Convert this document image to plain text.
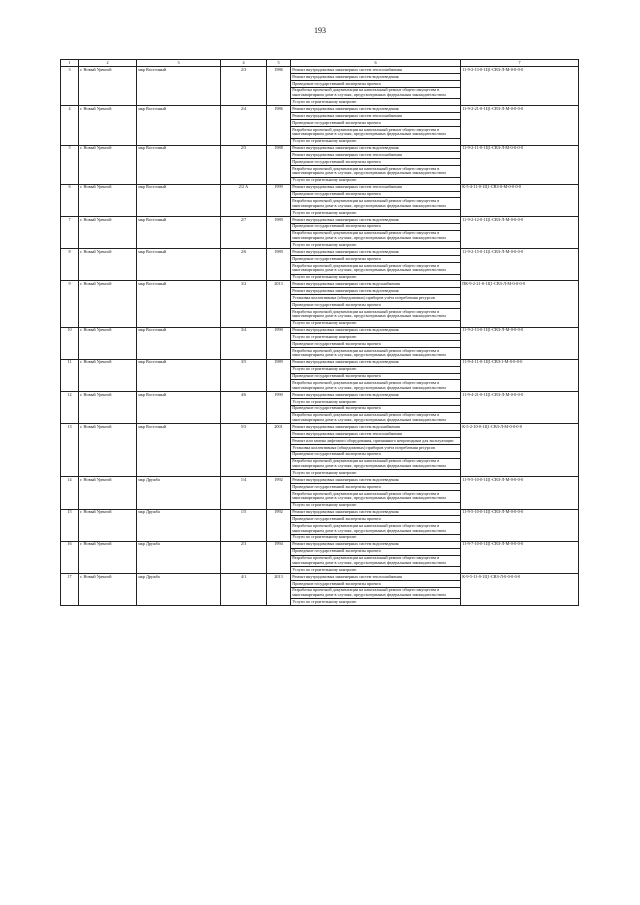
193
1	2	3	4	5	6	7
3	г. Новый Уренгой	мкр Восточный	2/3	1986	Ремонт внутридомовых инженерных систем теплоснабжения	11-9-2-13-0-1Ц1-СВЗ-Л-М-0-0-0-0
					Ремонт внутридомовых инженерных систем водоотведения	
					Проведение государственной экспертизы проекта	
					Разработка проектной документации на капитальный ремонт общего имущества в многоквартирном доме в случаях, предусмотренных федеральным законодательством	
					Услуги по строительному контролю	
4	г. Новый Уренгой	мкр Восточный	2/4	1986	Ремонт внутридомовых инженерных систем водоотведения	11-9-2-21-0-1Ц1-СВЗ-Л-М-0-0-0-0
					Ремонт внутридомовых инженерных систем теплоснабжения	
					Проведение государственной экспертизы проекта	
					Разработка проектной документации на капитальный ремонт общего имущества в многоквартирном доме в случаях, предусмотренных федеральным законодательством	
					Услуги по строительному контролю	
5	г. Новый Уренгой	мкр Восточный	2/5	1988	Ремонт внутридомовых инженерных систем водоотведения	11-9-2-11-0-1Ц1-СВЗ-Л-М-0-0-0-0
					Ремонт внутридомовых инженерных систем теплоснабжения	
					Проведение государственной экспертизы проекта	
					Разработка проектной документации на капитальный ремонт общего имущества в многоквартирном доме в случаях, предусмотренных федеральным законодательством	
					Услуги по строительному контролю	
6	г. Новый Уренгой	мкр Восточный	2/2 А	1999	Ремонт внутридомовых инженерных систем теплоснабжения	К-5-4-11-0-1Ц1-СВЗ-0-М-0-0-0-0
					Проведение государственной экспертизы проекта	
					Разработка проектной документации на капитальный ремонт общего имущества в многоквартирном доме в случаях, предусмотренных федеральным законодательством	
					Услуги по строительному контролю	
7	г. Новый Уренгой	мкр Восточный	2/7	1989	Ремонт внутридомовых инженерных систем водоотведения	11-9-2-12-0-1Ц1-СВЗ-Л-М-0-0-0-0
					Проведение государственной экспертизы проекта	
					Разработка проектной документации на капитальный ремонт общего имущества в многоквартирном доме в случаях, предусмотренных федеральным законодательством	
					Услуги по строительному контролю	
8	г. Новый Уренгой	мкр Восточный	2/6	1989	Ремонт внутридомовых инженерных систем водоотведения	11-9-2-15-0-1Ц1-СВЗ-Л-М-0-0-0-0
					Проведение государственной экспертизы проекта	
					Разработка проектной документации на капитальный ремонт общего имущества в многоквартирном доме в случаях, предусмотренных федеральным законодательством	
					Услуги по строительному контролю	
9	г. Новый Уренгой	мкр Восточный	3/2	2013	Ремонт внутридомовых инженерных систем водоснабжения	ПК-9-2-21-0-1Ц1-СВЗ-Л-М-0-0-0-0
					Ремонт внутридомовых инженерных систем водоотведения	
					Установка коллективных (общедомовых) приборов учёта потребления ресурсов	
					Проведение государственной экспертизы проекта	
					Разработка проектной документации на капитальный ремонт общего имущества в многоквартирном доме в случаях, предусмотренных федеральным законодательством	
					Услуги по строительному контролю	
10	г. Новый Уренгой	мкр Восточный	3/4	1990	Ремонт внутридомовых инженерных систем водоотведения	11-9-2-13-0-1Ц1-СВЗ-Л-М-0-0-0-0
					Услуги по строительному контролю	
					Проведение государственной экспертизы проекта	
					Разработка проектной документации на капитальный ремонт общего имущества в многоквартирном доме в случаях, предусмотренных федеральным законодательством	
11	г. Новый Уренгой	мкр Восточный	3/5	1989	Ремонт внутридомовых инженерных систем водоотведения	11-9-4-11-0-1Ц1-СВЗ-1-М-0-0-0-0
					Услуги по строительному контролю	
					Проведение государственной экспертизы проекта	
					Разработка проектной документации на капитальный ремонт общего имущества в многоквартирном доме в случаях, предусмотренных федеральным законодательством	
12	г. Новый Уренгой	мкр Восточный	4/6	1990	Ремонт внутридомовых инженерных систем водоотведения	11-9-4-21-0-1Ц1-СВЗ-Л-М-0-0-0-0
					Услуги по строительному контролю	
					Проведение государственной экспертизы проекта	
					Разработка проектной документации на капитальный ремонт общего имущества в многоквартирном доме в случаях, предусмотренных федеральным законодательством	
13	г. Новый Уренгой	мкр Восточный	5/5	2001	Ремонт внутридомовых инженерных систем водоснабжения	К-5-2-10-0-1Ц1-СВЗ-Л-М-0-0-0-0
					Ремонт внутридомовых инженерных систем теплоснабжения	
					Ремонт или замена лифтового оборудования, признанного непригодным для эксплуатации	
					Установка коллективных (общедомовых) приборов учёта потребления ресурсов	
					Проведение государственной экспертизы проекта	
					Разработка проектной документации на капитальный ремонт общего имущества в многоквартирном доме в случаях, предусмотренных федеральным законодательством	
					Услуги по строительному контролю	
14	г. Новый Уренгой	мкр Дружба	1/4	1992	Ремонт внутридомовых инженерных систем водоотведения	11-9-5-10-0-1Ц1-СВЗ-Л-М-0-0-0-0
					Проведение государственной экспертизы проекта	
					Разработка проектной документации на капитальный ремонт общего имущества в многоквартирном доме в случаях, предусмотренных федеральным законодательством	
					Услуги по строительному контролю	
15	г. Новый Уренгой	мкр Дружба	1/5	1992	Ремонт внутридомовых инженерных систем водоотведения	11-9-5-10-0-1Ц1-СВЗ-Л-М-0-0-0-0
					Проведение государственной экспертизы проекта	
					Разработка проектной документации на капитальный ремонт общего имущества в многоквартирном доме в случаях, предусмотренных федеральным законодательством	
					Услуги по строительному контролю	
16	г. Новый Уренгой	мкр Дружба	2/3	1994	Ремонт внутридомовых инженерных систем водоотведения	11-9-7-10-0-1Ц1-СВЗ-Л-М-0-0-0-0
					Проведение государственной экспертизы проекта	
					Разработка проектной документации на капитальный ремонт общего имущества в многоквартирном доме в случаях, предусмотренных федеральным законодательством	
					Услуги по строительному контролю	
17	г. Новый Уренгой	мкр Дружба	4/1	2013	Ремонт внутридомовых инженерных систем теплоснабжения	К-9-5-11-0-1Ц1-СВЗ-Л-0-0-0-0-0
					Проведение государственной экспертизы проекта	
					Разработка проектной документации на капитальный ремонт общего имущества в многоквартирном доме в случаях, предусмотренных федеральным законодательством	
					Услуги по строительному контролю	
